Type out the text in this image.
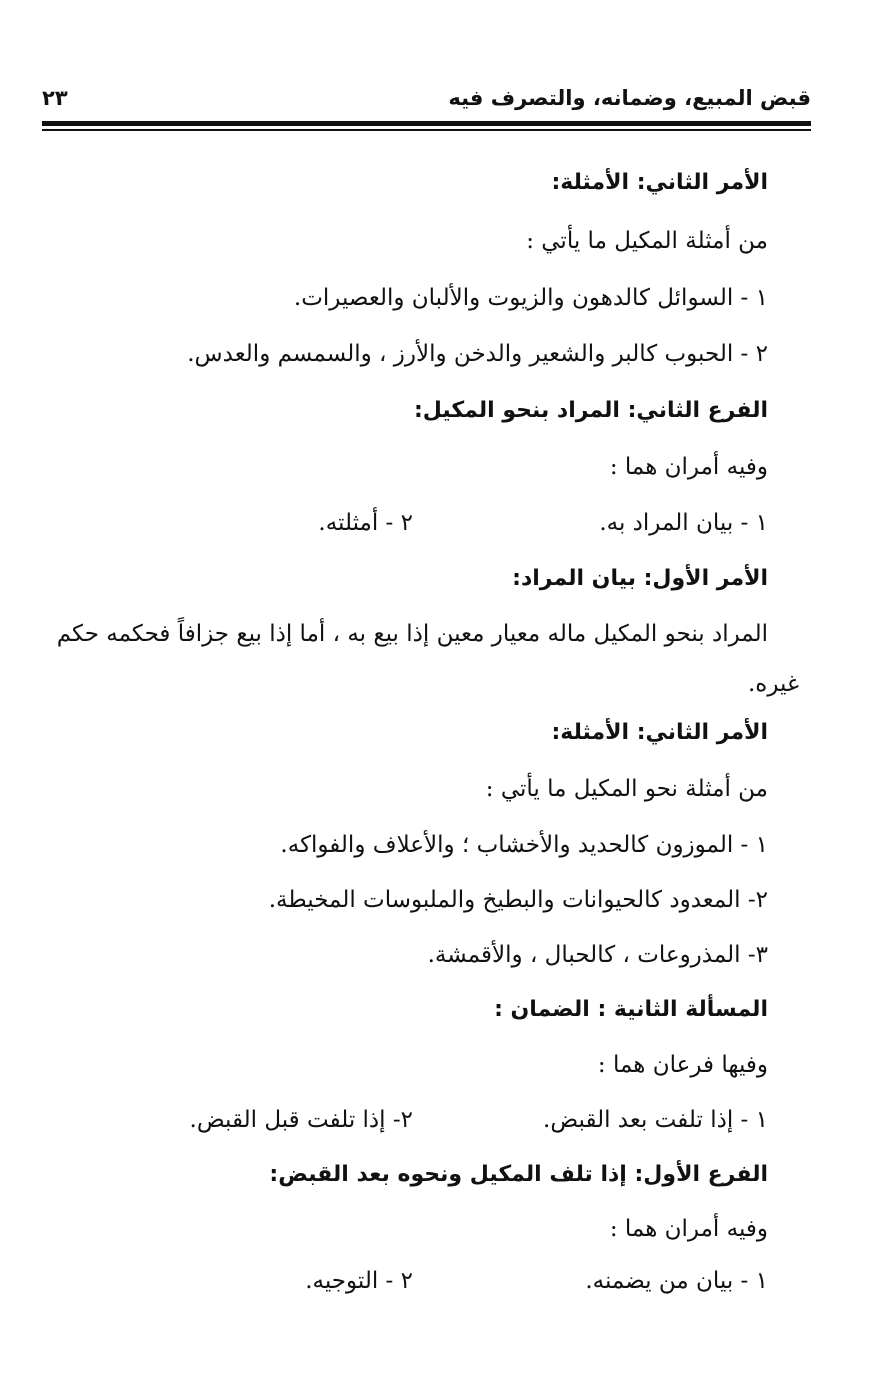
قبض المبيع، وضمانه، والتصرف فيه
٢٣

الأمر الثاني: الأمثلة:

من أمثلة المكيل ما يأتي :

١ - السوائل كالدهون والزيوت والألبان والعصيرات.

٢ - الحبوب كالبر والشعير والدخن والأرز ، والسمسم والعدس.

الفرع الثاني: المراد بنحو المكيل:

وفيه أمران هما :

١ - بيان المراد به.

٢ - أمثلته.

الأمر الأول: بيان المراد:

المراد بنحو المكيل ماله معيار معين إذا بيع به ، أما إذا بيع جزافاً فحكمه حكم

غيره.

الأمر الثاني: الأمثلة:

من أمثلة نحو المكيل ما يأتي :

١ - الموزون كالحديد والأخشاب ؛ والأعلاف والفواكه.

٢- المعدود كالحيوانات والبطيخ والملبوسات المخيطة.

٣- المذروعات ، كالحبال ، والأقمشة.

المسألة الثانية : الضمان :

وفيها فرعان هما :

١ - إذا تلفت بعد القبض.

٢- إذا تلفت قبل القبض.

الفرع الأول: إذا تلف المكيل ونحوه بعد القبض:

وفيه أمران هما :

١ - بيان من يضمنه.

٢ - التوجيه.
